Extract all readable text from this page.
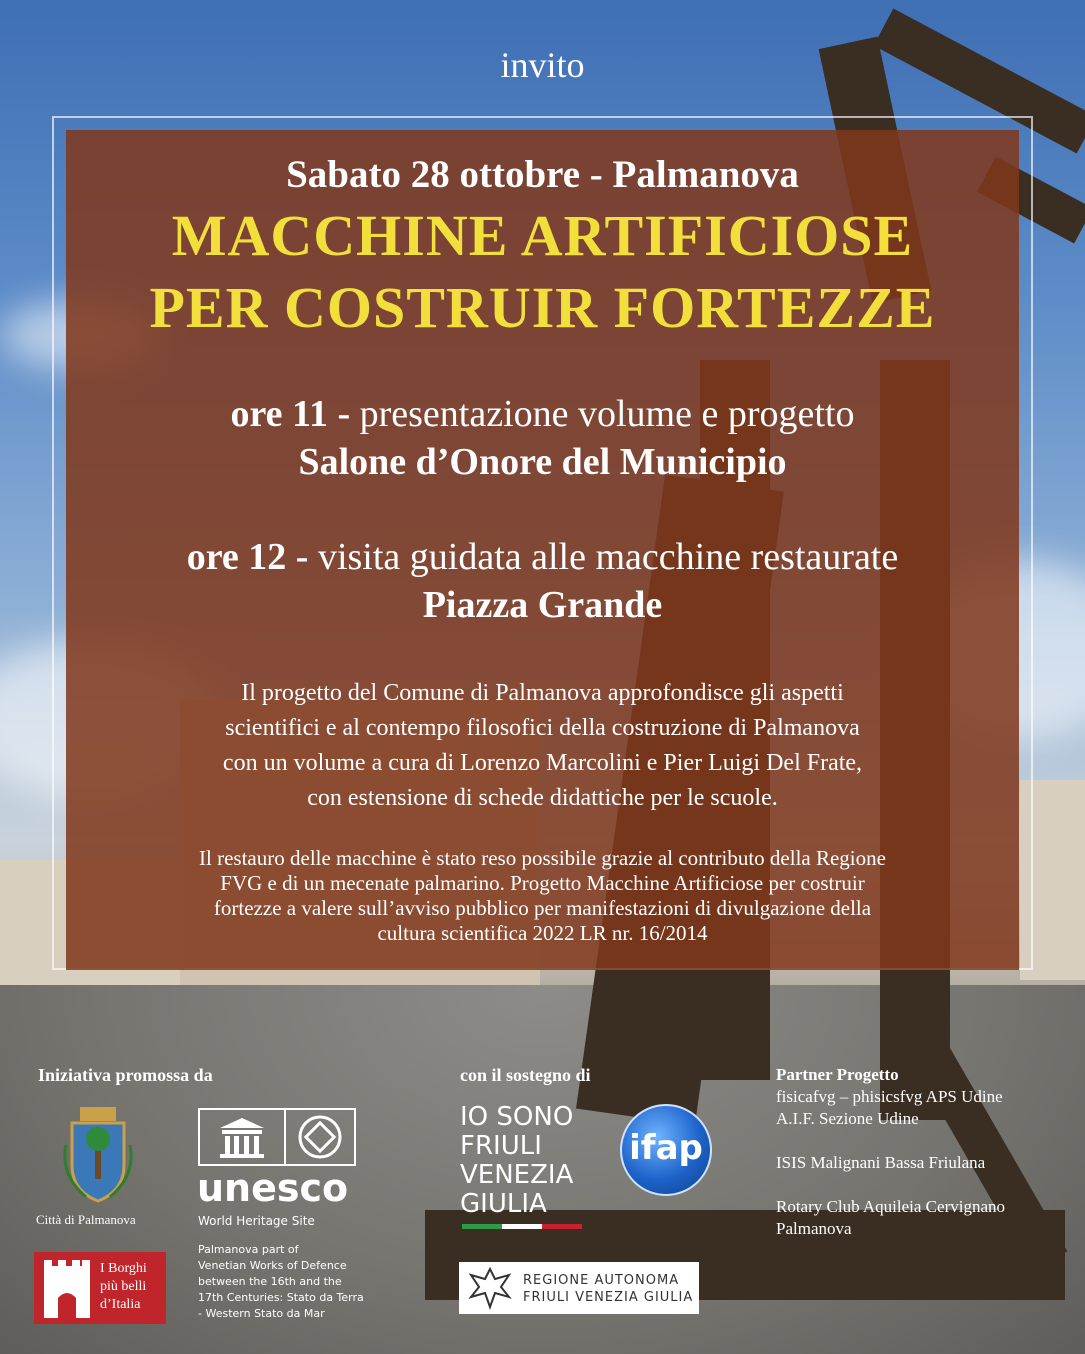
invito
Sabato 28 ottobre - Palmanova
MACCHINE ARTIFICIOSE
PER COSTRUIR FORTEZZE
ore 11 - presentazione volume e progetto
Salone d’Onore del Municipio
ore 12 - visita guidata alle macchine restaurate
Piazza Grande
Il progetto del Comune di Palmanova approfondisce gli aspetti
scientifici e al contempo filosofici della costruzione di Palmanova
con un volume a cura di Lorenzo Marcolini e Pier Luigi Del Frate,
con estensione di schede didattiche per le scuole.
Il restauro delle macchine è stato reso possibile grazie al contributo della Regione
FVG e di un mecenate palmarino. Progetto Macchine Artificiose per costruir
fortezze a valere sull’avviso pubblico per manifestazioni di divulgazione della
cultura scientifica 2022 LR nr. 16/2014
Iniziativa promossa da	con il sostegno di
Città di Palmanova
I Borghi
più belli
d’Italia
unesco
World Heritage Site
Palmanova part of
Venetian Works of Defence
between the 16th and the
17th Centuries: Stato da Terra
- Western Stato da Mar
IO SONO
FRIULI
VENEZIA
GIULIA
ifap
REGIONE AUTONOMA
FRIULI VENEZIA GIULIA
Partner Progetto
fisicafvg – phisicsfvg APS Udine
A.I.F. Sezione Udine
ISIS Malignani Bassa Friulana
Rotary Club Aquileia Cervignano
Palmanova
